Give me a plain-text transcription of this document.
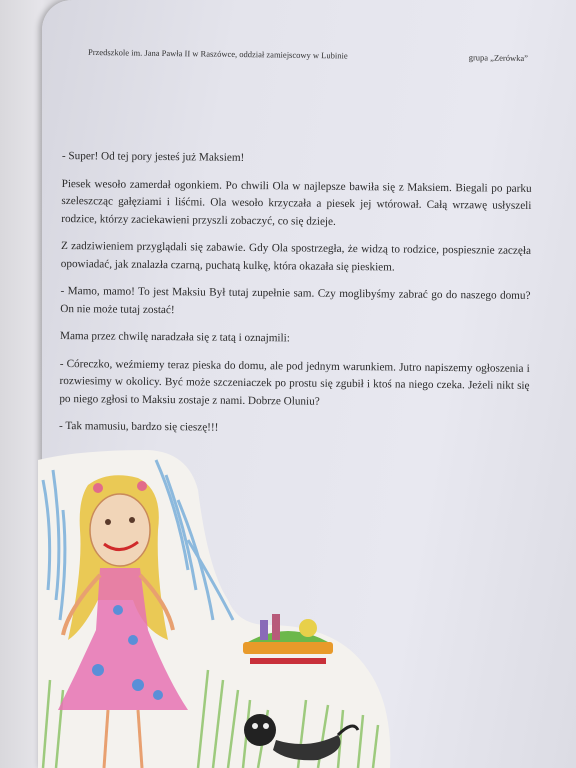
Przedszkole im. Jana Pawła II w Raszówce, oddział zamiejscowy w Lubinie	grupa „Zerówka”

- Super! Od tej pory jesteś już Maksiem!

Piesek wesoło zamerdał ogonkiem. Po chwili Ola w najlepsze bawiła się z Maksiem. Biegali po parku szeleszcząc gałęziami i liśćmi. Ola wesoło krzyczała a piesek jej wtórował. Całą wrzawę usłyszeli rodzice, którzy zaciekawieni przyszli zobaczyć, co się dzieje.

Z zadziwieniem przyglądali się zabawie. Gdy Ola spostrzegła, że widzą to rodzice, pospiesznie zaczęła opowiadać, jak znalazła czarną, puchatą kulkę, która okazała się pieskiem.

- Mamo, mamo! To jest Maksiu Był tutaj zupełnie sam. Czy moglibyśmy zabrać go do naszego domu? On nie może tutaj zostać!

Mama przez chwilę naradzała się z tatą i oznajmili:

- Córeczko, weźmiemy teraz pieska do domu, ale pod jednym warunkiem. Jutro napiszemy ogłoszenia i rozwiesimy w okolicy. Być może szczeniaczek po prostu się zgubił i ktoś na niego czeka. Jeżeli nikt się po niego zgłosi to Maksiu zostaje z nami. Dobrze Oluniu?

- Tak mamusiu, bardzo się cieszę!!!
